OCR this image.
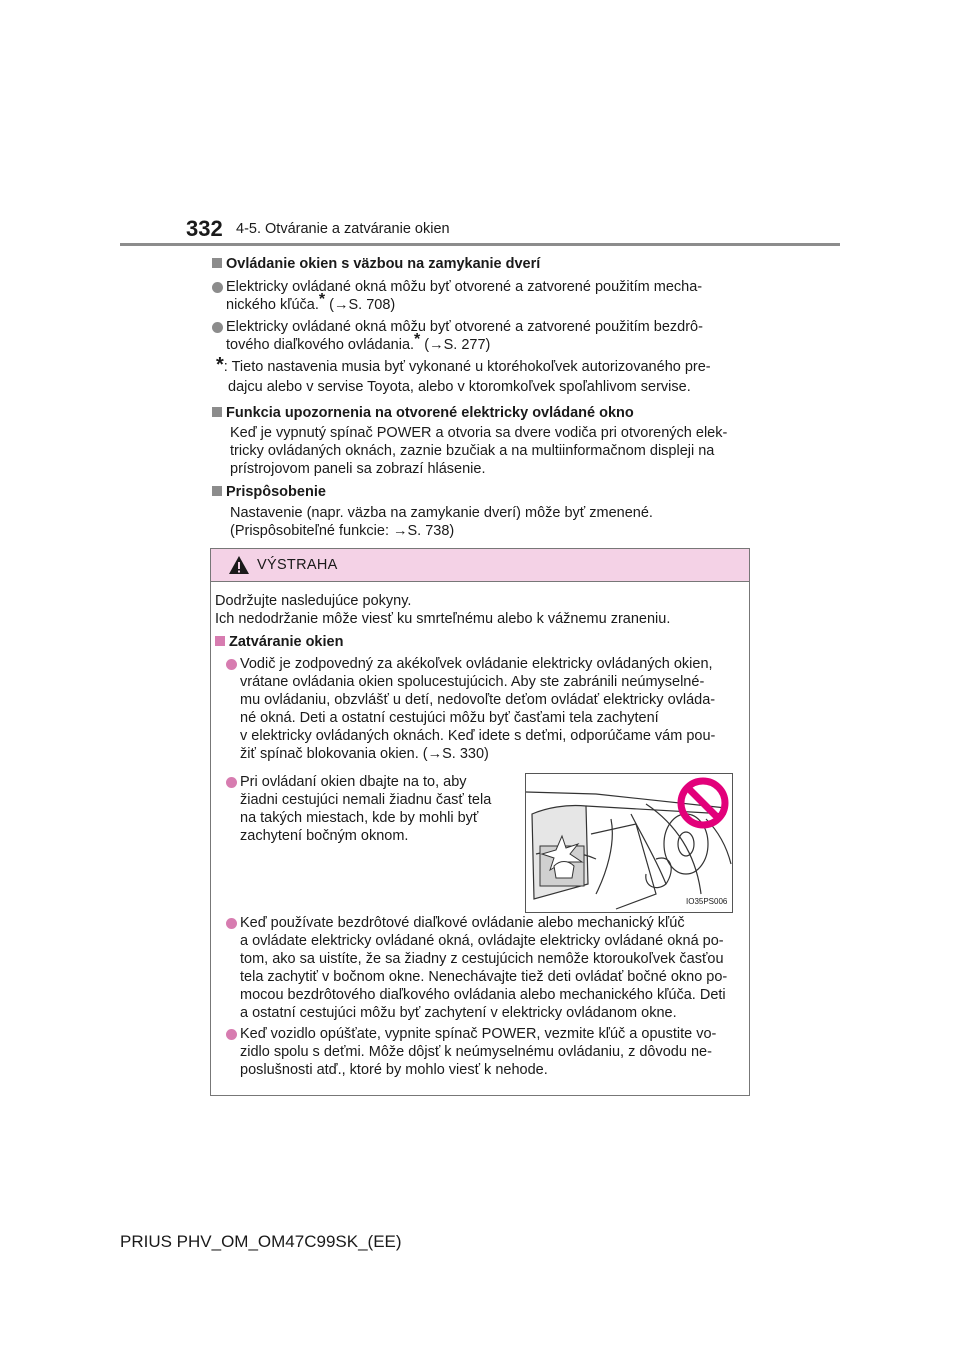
332 4-5. Otváranie a zatváranie okien
Ovládanie okien s väzbou na zamykanie dverí
Elektricky ovládané okná môžu byť otvorené a zatvorené použitím mecha-
nického kľúča.* (→S. 708)
Elektricky ovládané okná môžu byť otvorené a zatvorené použitím bezdrô-
tového diaľkového ovládania.* (→S. 277)
*: Tieto nastavenia musia byť vykonané u ktoréhokoľvek autorizovaného pre-
dajcu alebo v servise Toyota, alebo v ktoromkoľvek spoľahlivom servise.
Funkcia upozornenia na otvorené elektricky ovládané okno
Keď je vypnutý spínač POWER a otvoria sa dvere vodiča pri otvorených elek-
tricky ovládaných oknách, zaznie bzučiak a na multiinformačnom displeji na
prístrojovom paneli sa zobrazí hlásenie.
Prispôsobenie
Nastavenie (napr. väzba na zamykanie dverí) môže byť zmenené.
(Prispôsobiteľné funkcie: →S. 738)
VÝSTRAHA
Dodržujte nasledujúce pokyny.
Ich nedodržanie môže viesť ku smrteľnému alebo k vážnemu zraneniu.
Zatváranie okien
Vodič je zodpovedný za akékoľvek ovládanie elektricky ovládaných okien,
vrátane ovládania okien spolucestujúcich. Aby ste zabránili neúmyselné-
mu ovládaniu, obzvlášť u detí, nedovoľte deťom ovládať elektricky ovláda-
né okná. Deti a ostatní cestujúci môžu byť časťami tela zachytení
v elektricky ovládaných oknách. Keď idete s deťmi, odporúčame vám pou-
žiť spínač blokovania okien. (→S. 330)
Pri ovládaní okien dbajte na to, aby
žiadni cestujúci nemali žiadnu časť tela
na takých miestach, kde by mohli byť
zachytení bočným oknom.
IO35PS006
Keď používate bezdrôtové diaľkové ovládanie alebo mechanický kľúč
a ovládate elektricky ovládané okná, ovládajte elektricky ovládané okná po-
tom, ako sa uistíte, že sa žiadny z cestujúcich nemôže ktoroukoľvek časťou
tela zachytiť v bočnom okne. Nenechávajte tiež deti ovládať bočné okno po-
mocou bezdrôtového diaľkového ovládania alebo mechanického kľúča. Deti
a ostatní cestujúci môžu byť zachytení v elektricky ovládanom okne.
Keď vozidlo opúšťate, vypnite spínač POWER, vezmite kľúč a opustite vo-
zidlo spolu s deťmi. Môže dôjsť k neúmyselnému ovládaniu, z dôvodu ne-
poslušnosti atď., ktoré by mohlo viesť k nehode.
PRIUS PHV_OM_OM47C99SK_(EE)
